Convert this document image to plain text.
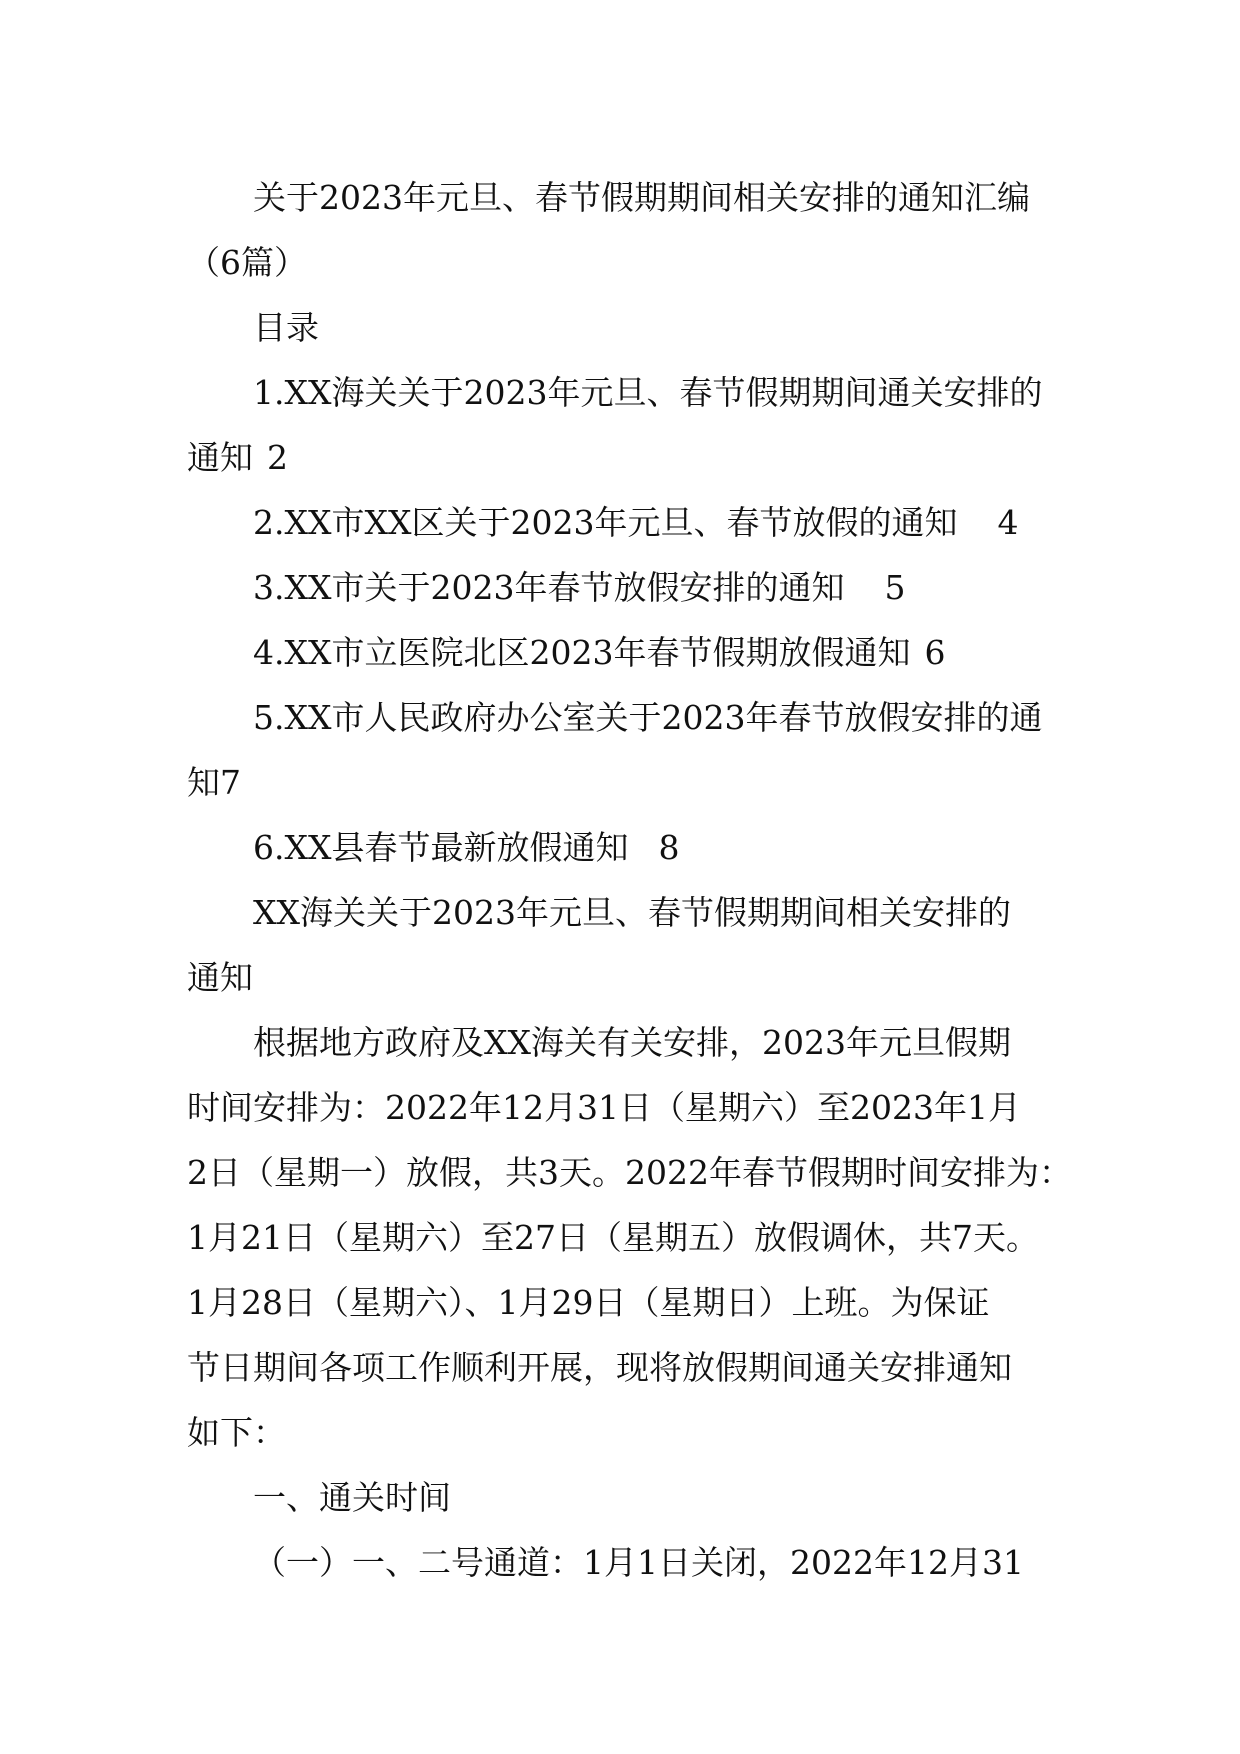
关于2023年元旦、春节假期期间相关安排的通知汇编
（6篇）
目录
1.XX海关关于2023年元旦、春节假期期间通关安排的
通知 2
2.XX市XX区关于2023年元旦、春节放假的通知 4
3.XX市关于2023年春节放假安排的通知 5
4.XX市立医院北区2023年春节假期放假通知 6
5.XX市人民政府办公室关于2023年春节放假安排的通
知7
6.XX县春节最新放假通知 8
XX海关关于2023年元旦、春节假期期间相关安排的
通知
根据地方政府及XX海关有关安排，2023年元旦假期
时间安排为：2022年12月31日（星期六）至2023年1月
2日（星期一）放假，共3天。2022年春节假期时间安排为：
1月21日（星期六）至27日（星期五）放假调休，共7天。
1月28日（星期六）、1月29日（星期日）上班。为保证
节日期间各项工作顺利开展，现将放假期间通关安排通知
如下：
一、通关时间
（一）一、二号通道：1月1日关闭，2022年12月31
